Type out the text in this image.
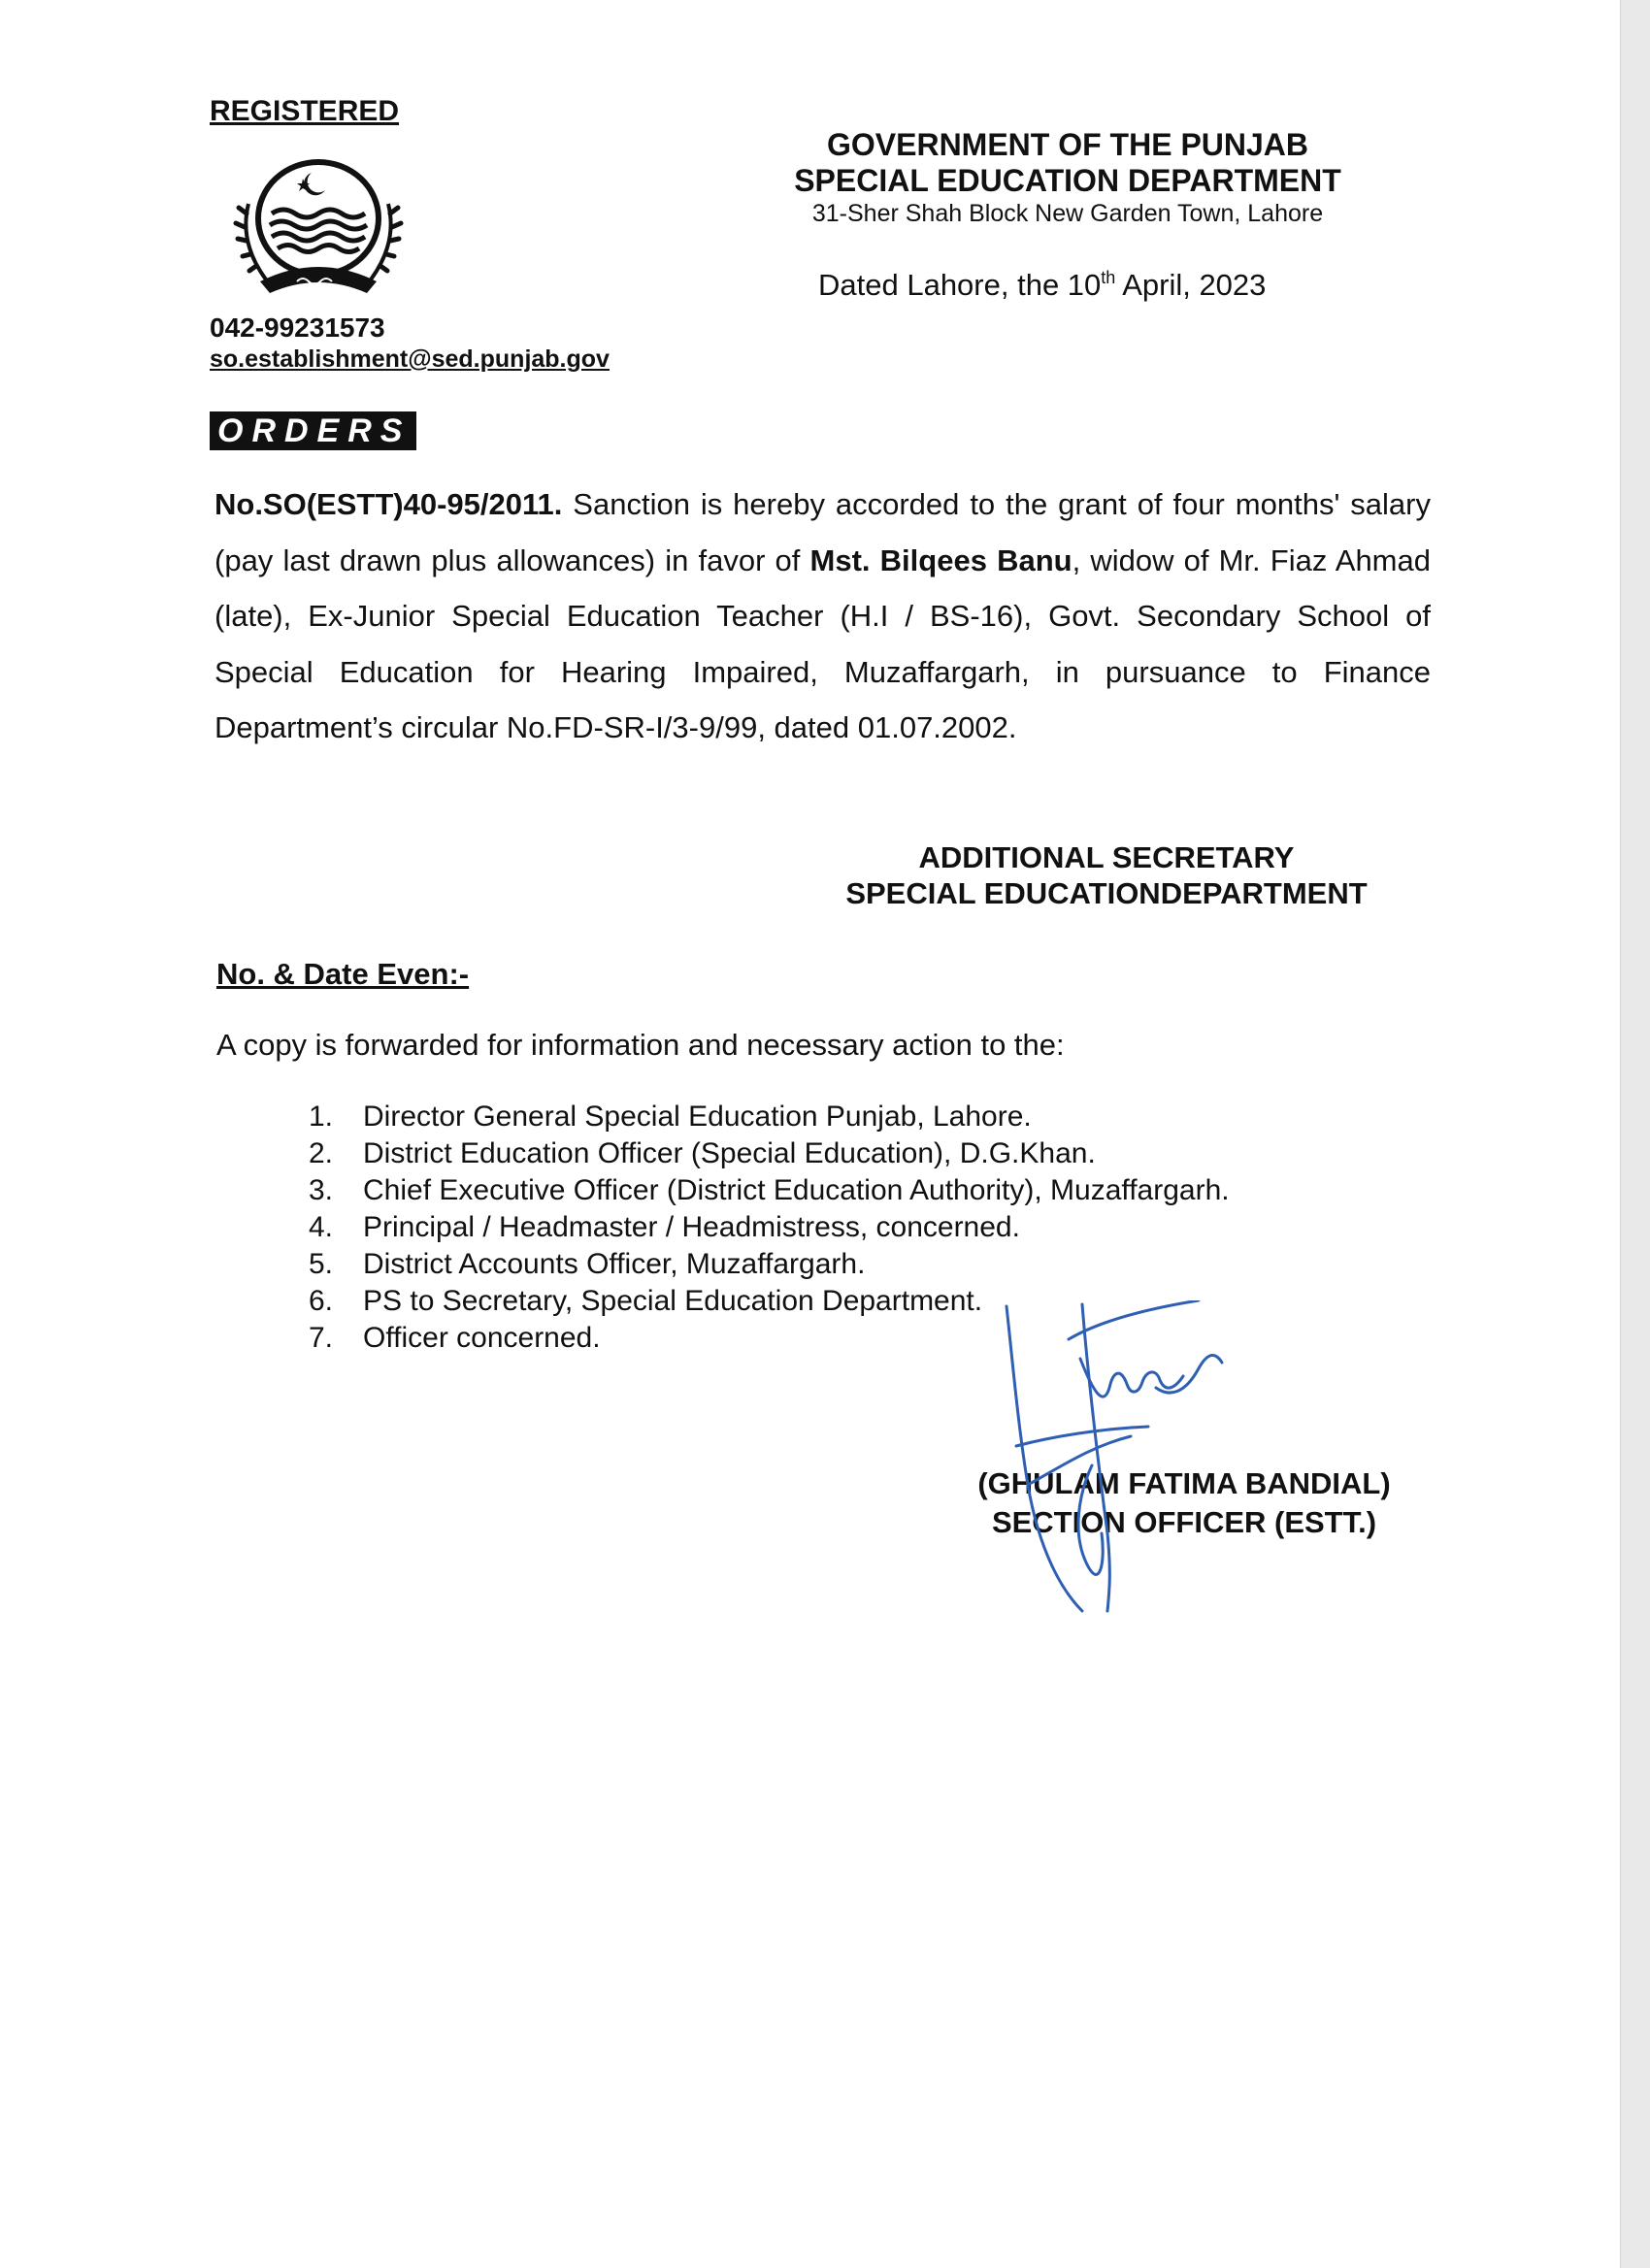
REGISTERED
042-99231573
so.establishment@sed.punjab.gov
GOVERNMENT OF THE PUNJAB
SPECIAL EDUCATION DEPARTMENT
31-Sher Shah Block New Garden Town, Lahore
Dated Lahore, the 10th April, 2023
ORDERS

No.SO(ESTT)40-95/2011. Sanction is hereby accorded to the grant of four months' salary (pay last drawn plus allowances) in favor of Mst. Bilqees Banu, widow of Mr. Fiaz Ahmad (late), Ex-Junior Special Education Teacher (H.I / BS-16), Govt. Secondary School of Special Education for Hearing Impaired, Muzaffargarh, in pursuance to Finance Department’s circular No.FD-SR-I/3-9/99, dated 01.07.2002.

ADDITIONAL SECRETARY
SPECIAL EDUCATIONDEPARTMENT
No. & Date Even:-
A copy is forwarded for information and necessary action to the:
1. Director General Special Education Punjab, Lahore.
2. District Education Officer (Special Education), D.G.Khan.
3. Chief Executive Officer (District Education Authority), Muzaffargarh.
4. Principal / Headmaster / Headmistress, concerned.
5. District Accounts Officer, Muzaffargarh.
6. PS to Secretary, Special Education Department.
7. Officer concerned.
(GHULAM FATIMA BANDIAL)
SECTION OFFICER (ESTT.)
